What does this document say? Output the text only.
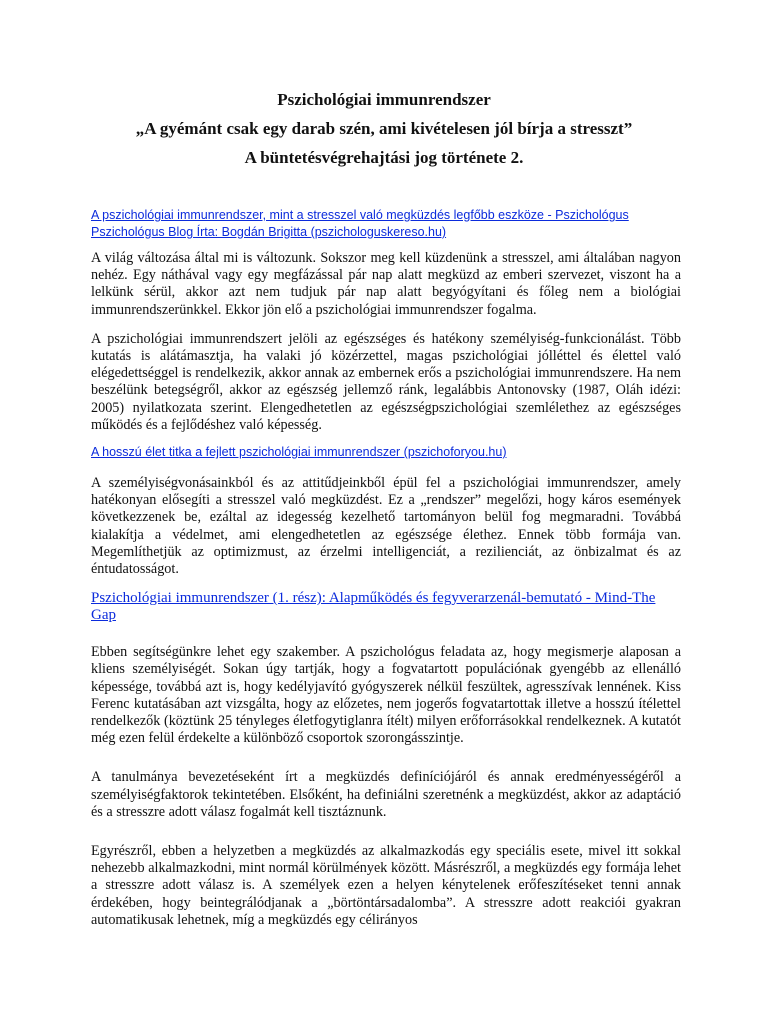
Pszichológiai immunrendszer

„A gyémánt csak egy darab szén, ami kivételesen jól bírja a stresszt”

A büntetésvégrehajtási jog története 2.

A pszichológiai immunrendszer, mint a stresszel való megküzdés legfőbb eszköze - Pszichológus Pszichológus Blog Írta: Bogdán Brigitta (pszichologuskereso.hu)

A világ változása által mi is változunk. Sokszor meg kell küzdenünk a stresszel, ami általában nagyon nehéz. Egy náthával vagy egy megfázással pár nap alatt megküzd az emberi szervezet, viszont ha a lelkünk sérül, akkor azt nem tudjuk pár nap alatt begyógyítani és főleg nem a biológiai immunrendszerünkkel. Ekkor jön elő a pszichológiai immunrendszer fogalma.

A pszichológiai immunrendszert jelöli az egészséges és hatékony személyiség-funkcionálást. Több kutatás is alátámasztja, ha valaki jó közérzettel, magas pszichológiai jólléttel és élettel való elégedettséggel is rendelkezik, akkor annak az embernek erős a pszichológiai immunrendszere. Ha nem beszélünk betegségről, akkor az egészség jellemző ránk, legalábbis Antonovsky (1987, Oláh idézi: 2005) nyilatkozata szerint. Elengedhetetlen az egészségpszichológiai szemlélethez az egészséges működés és a fejlődéshez való képesség.

A hosszú élet titka a fejlett pszichológiai immunrendszer (pszichoforyou.hu)

A személyiségvonásainkból és az attitűdjeinkből épül fel a pszichológiai immunrendszer, amely hatékonyan elősegíti a stresszel való megküzdést. Ez a „rendszer” megelőzi, hogy káros események következzenek be, ezáltal az idegesség kezelhető tartományon belül fog megmaradni. Továbbá kialakítja a védelmet, ami elengedhetetlen az egészsége élethez. Ennek több formája van. Megemlíthetjük az optimizmust, az érzelmi intelligenciát, a rezilienciát, az önbizalmat és az éntudatosságot.

Pszichológiai immunrendszer (1. rész): Alapműködés és fegyverarzenál-bemutató - Mind-The Gap

Ebben segítségünkre lehet egy szakember. A pszichológus feladata az, hogy megismerje alaposan a kliens személyiségét. Sokan úgy tartják, hogy a fogvatartott populációnak gyengébb az ellenálló képessége, továbbá azt is, hogy kedélyjavító gyógyszerek nélkül feszültek, agresszívak lennének. Kiss Ferenc kutatásában azt vizsgálta, hogy az előzetes, nem jogerős fogvatartottak illetve a hosszú ítélettel rendelkezők (köztünk 25 tényleges életfogytiglanra ítélt) milyen erőforrásokkal rendelkeznek. A kutatót még ezen felül érdekelte a különböző csoportok szorongásszintje.

A tanulmánya bevezetéseként írt a megküzdés definíciójáról és annak eredményességéről a személyiségfaktorok tekintetében. Elsőként, ha definiálni szeretnénk a megküzdést, akkor az adaptáció és a stresszre adott válasz fogalmát kell tisztáznunk.

Egyrészről, ebben a helyzetben a megküzdés az alkalmazkodás egy speciális esete, mivel itt sokkal nehezebb alkalmazkodni, mint normál körülmények között. Másrészről, a megküzdés egy formája lehet a stresszre adott válasz is. A személyek ezen a helyen kénytelenek erőfeszítéseket tenni annak érdekében, hogy beintegrálódjanak a „börtöntársadalomba”. A stresszre adott reakciói gyakran automatikusak lehetnek, míg a megküzdés egy célirányos
